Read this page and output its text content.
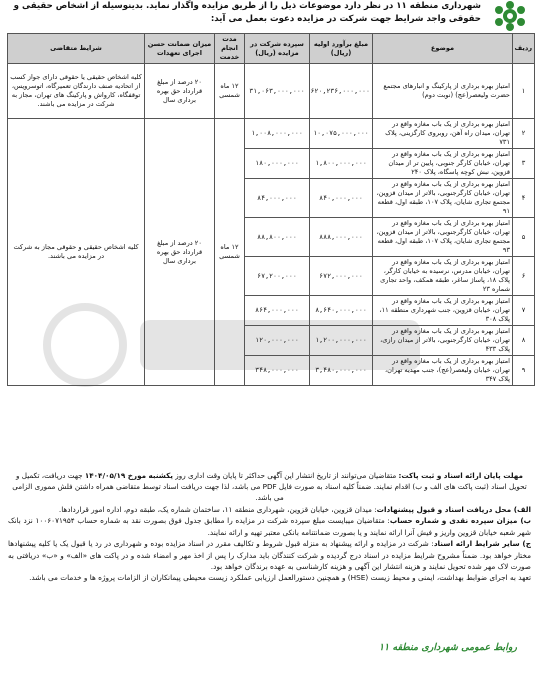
شهرداری منطقه ۱۱ در نظر دارد موضوعات ذیل را از طریق مزایده واگذار نماید. بدینوسیله از اشخاص حقیقی و حقوقی واجد شرایط جهت شرکت در مزایده دعوت بعمل می آید:
ردیف	موضوع	مبلغ برآورد اولیه (ریال)	سپرده شرکت در مزایده (ریال)	مدت انجام خدمت	میزان ضمانت حسن اجرای تعهدات	شرایط متقاضی
۱	امتیاز بهره برداری از پارکینگ و انبارهای مجتمع حضرت ولیعصر(عج) (نوبت دوم)	۶۲۰,۲۳۶,۰۰۰,۰۰۰	۳۱,۰۶۳,۰۰۰,۰۰۰	۱۲ ماه شمسی	۲۰ درصد از مبلغ قرارداد حق بهره برداری سال	کلیه اشخاص حقیقی یا حقوقی دارای جواز کسب از اتحادیه صنف دارندگان تعمیرگاه، اتوسرویس، توقفگاه، کارواش و پارکینگ های تهران، مجاز به شرکت در مزایده می باشند.
۲	امتیاز بهره برداری از یک باب مغازه واقع در تهران، میدان راه آهن، روبروی کارگزینی، پلاک ۷۳۱	۱۰,۰۷۵,۰۰۰,۰۰۰	۱,۰۰۸,۰۰۰,۰۰۰	۱۲ ماه شمسی	۲۰ درصد از مبلغ قرارداد حق بهره برداری سال	کلیه اشخاص حقیقی و حقوقی مجاز به شرکت در مزایده می باشند.
۳	امتیاز بهره برداری از یک باب مغازه واقع در تهران، خیابان کارگر جنوبی، پایین تر از میدان قزوین، نبش کوچه پاسگاه، پلاک ۲۴۰	۱,۸۰۰,۰۰۰,۰۰۰	۱۸۰,۰۰۰,۰۰۰			
۴	امتیاز بهره برداری از یک باب مغازه واقع در تهران، خیابان کارگرجنوبی، بالاتر از میدان قزوین، مجتمع تجاری شایان، پلاک ۱۰۷، طبقه اول، قطعه ۹۱	۸۴۰,۰۰۰,۰۰۰	۸۴,۰۰۰,۰۰۰			
۵	امتیاز بهره برداری از یک باب مغازه واقع در تهران، خیابان کارگرجنوبی، بالاتر از میدان قزوین، مجتمع تجاری شایان، پلاک ۱۰۷، طبقه اول، قطعه ۹۳	۸۸۸,۰۰۰,۰۰۰	۸۸,۸۰۰,۰۰۰			
۶	امتیاز بهره برداری از یک باب مغازه واقع در تهران، خیابان مدرس، نرسیده به خیابان کارگر، پلاک ۱۸، پاساژ ساغر، طبقه همکف، واحد تجاری شماره ۲۳	۶۷۲,۰۰۰,۰۰۰	۶۷,۲۰۰,۰۰۰			
۷	امتیاز بهره برداری از یک باب مغازه واقع در تهران، خیابان قزوین، جنب شهرداری منطقه ۱۱، پلاک ۳۰۸	۸,۶۴۰,۰۰۰,۰۰۰	۸۶۴,۰۰۰,۰۰۰			
۸	امتیاز بهره برداری از یک باب مغازه واقع در تهران، خیابان کارگرجنوبی، بالاتر از میدان رازی، پلاک ۴۳۳	۱,۲۰۰,۰۰۰,۰۰۰	۱۲۰,۰۰۰,۰۰۰			
۹	امتیاز بهره برداری از یک باب مغازه واقع در تهران، خیابان ولیعصر(عج)، جنب مهدیه تهران، پلاک ۳۴۷	۳,۴۸۰,۰۰۰,۰۰۰	۳۴۸,۰۰۰,۰۰۰			
مهلت پایان ارائه اسناد و ثبت پاکت: متقاضیان می‌توانند از تاریخ انتشار این آگهی حداکثر تا پایان وقت اداری روز یکشنبه مورخ ۱۴۰۴/۰۵/۱۹ جهت دریافت، تکمیل و تحویل اسناد (ثبت پاکت های الف و ب) اقدام نمایند. ضمناً کلیه اسناد به صورت فایل PDF می باشد، لذا جهت دریافت اسناد توسط متقاضی همراه داشتن فلش مموری الزامی می باشد.

الف) محل دریافت اسناد و قبول پیشنهادات: میدان قزوین، خیابان قزوین، شهرداری منطقه ۱۱، ساختمان شماره یک، طبقه دوم، اداره امور قراردادها.

ب) میزان سپرده نقدی و شماره حساب: متقاضیان میبایست مبلغ سپرده شرکت در مزایده را مطابق جدول فوق بصورت نقد به شماره حساب ۱۰۰۶۰۷۱۹۵۴ نزد بانک شهر شعبه خیابان قزوین واریز و فیش آنرا ارائه نمایند و یا بصورت ضمانتنامه بانکی معتبر تهیه و ارائه نمایند.

ج) سایر شرایط ارائه اسناد: شرکت در مزایده و ارائه پیشنهاد به منزله قبول شروط و تکالیف مقرر در اسناد مزایده بوده و شهرداری در رد یا قبول یک یا کلیه پیشنهادها مختار خواهد بود. ضمناً مشروح شرایط مزایده در اسناد درج گردیده و شرکت کنندگان باید مدارک را پس از اخذ مهر و امضاء شده و در پاکت های «الف» و «ب» دریافتی به صورت لاک مهر شده تحویل نمایند و هزینه انتشار این آگهی و هزینه کارشناسی به عهده برندگان خواهد بود.

تعهد به اجرای ضوابط بهداشت، ایمنی و محیط زیست (HSE) و همچنین دستورالعمل ارزیابی عملکرد زیست محیطی پیمانکاران از الزامات پروژه ها و خدمات می باشد.

روابط عمومی شهرداری منطقه ۱۱
